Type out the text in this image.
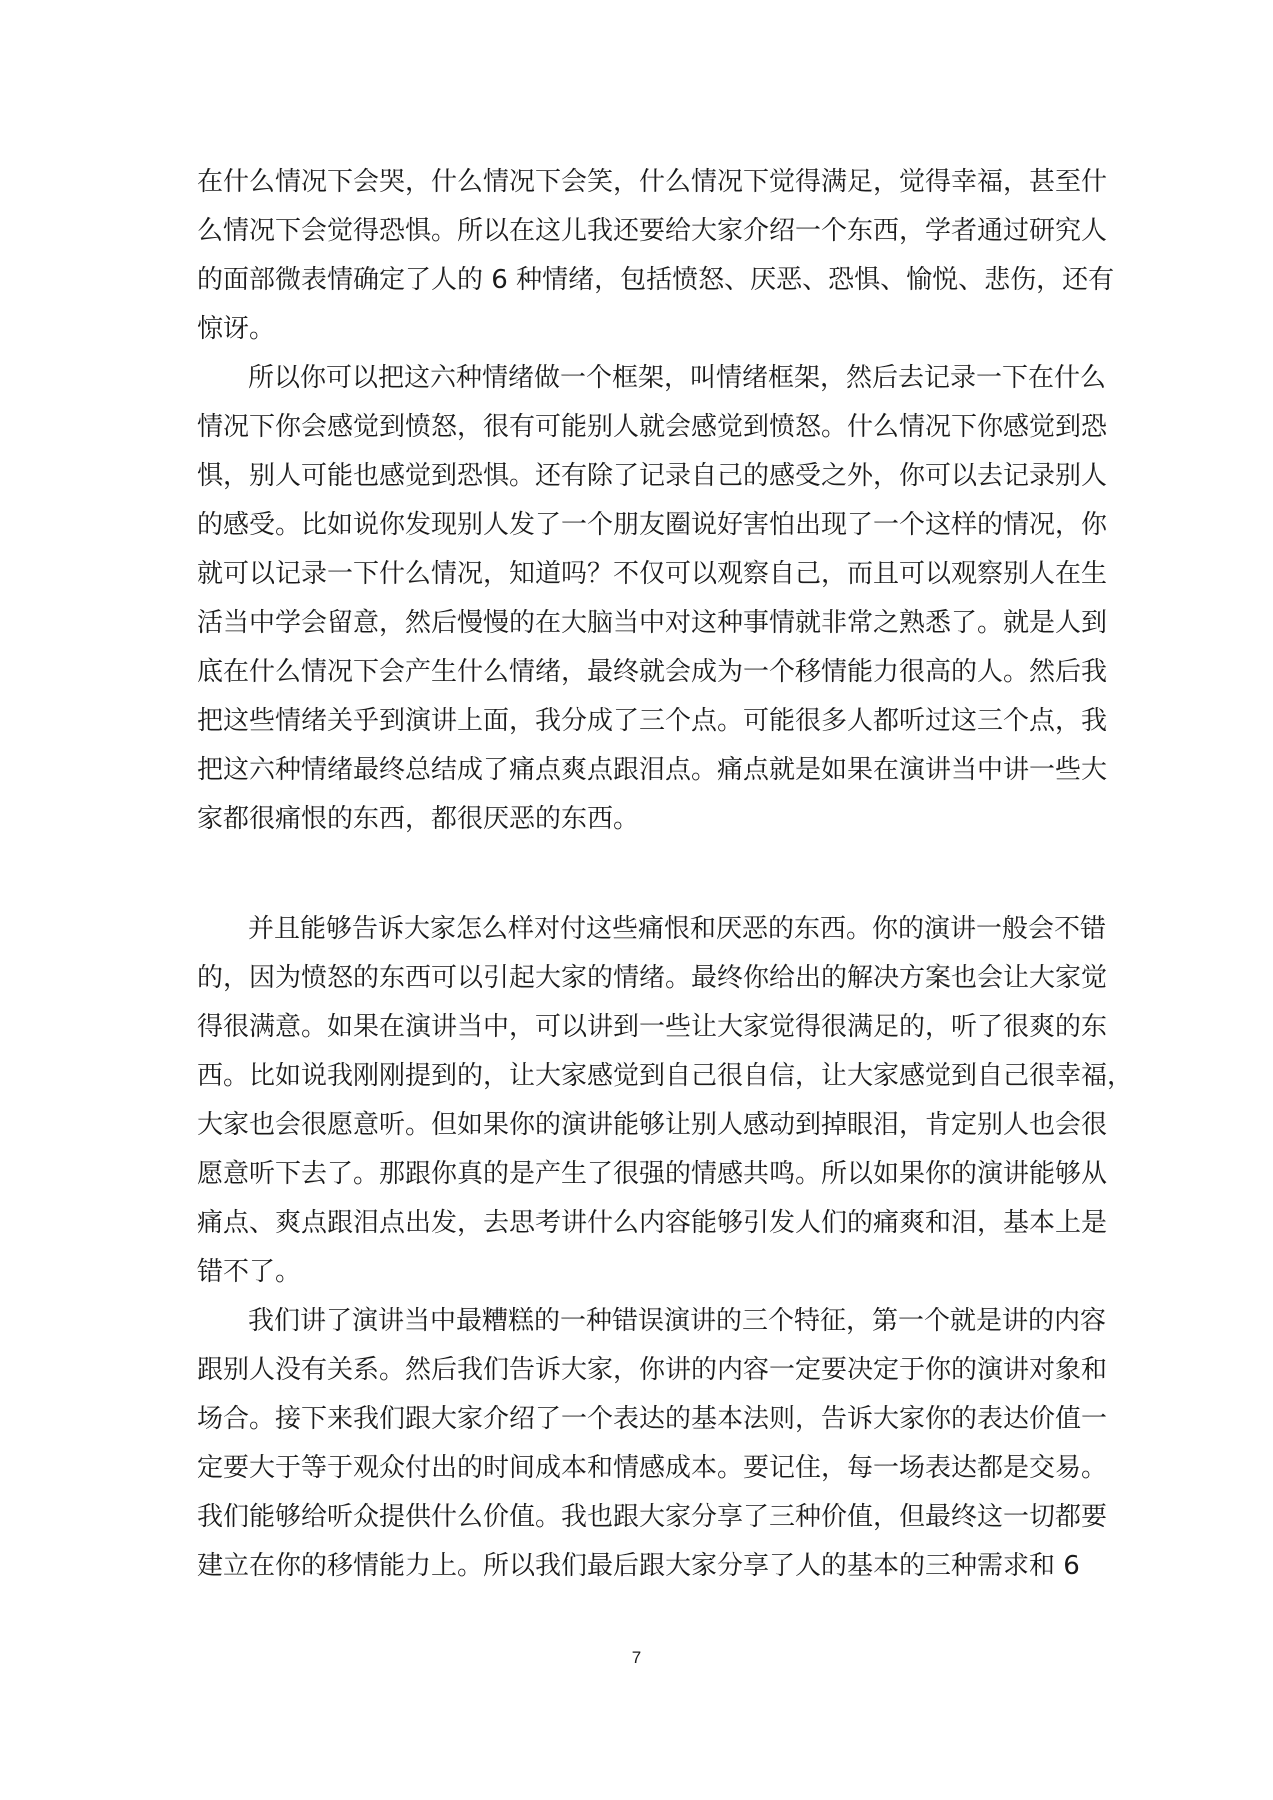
在什么情况下会哭，什么情况下会笑，什么情况下觉得满足，觉得幸福，甚至什
么情况下会觉得恐惧。所以在这儿我还要给大家介绍一个东西，学者通过研究人
的面部微表情确定了人的 6 种情绪，包括愤怒、厌恶、恐惧、愉悦、悲伤，还有
惊讶。
所以你可以把这六种情绪做一个框架，叫情绪框架，然后去记录一下在什么
情况下你会感觉到愤怒，很有可能别人就会感觉到愤怒。什么情况下你感觉到恐
惧，别人可能也感觉到恐惧。还有除了记录自己的感受之外，你可以去记录别人
的感受。比如说你发现别人发了一个朋友圈说好害怕出现了一个这样的情况，你
就可以记录一下什么情况，知道吗？不仅可以观察自己，而且可以观察别人在生
活当中学会留意，然后慢慢的在大脑当中对这种事情就非常之熟悉了。就是人到
底在什么情况下会产生什么情绪，最终就会成为一个移情能力很高的人。然后我
把这些情绪关乎到演讲上面，我分成了三个点。可能很多人都听过这三个点，我
把这六种情绪最终总结成了痛点爽点跟泪点。痛点就是如果在演讲当中讲一些大
家都很痛恨的东西，都很厌恶的东西。
并且能够告诉大家怎么样对付这些痛恨和厌恶的东西。你的演讲一般会不错
的，因为愤怒的东西可以引起大家的情绪。最终你给出的解决方案也会让大家觉
得很满意。如果在演讲当中，可以讲到一些让大家觉得很满足的，听了很爽的东
西。比如说我刚刚提到的，让大家感觉到自己很自信，让大家感觉到自己很幸福，
大家也会很愿意听。但如果你的演讲能够让别人感动到掉眼泪，肯定别人也会很
愿意听下去了。那跟你真的是产生了很强的情感共鸣。所以如果你的演讲能够从
痛点、爽点跟泪点出发，去思考讲什么内容能够引发人们的痛爽和泪，基本上是
错不了。
我们讲了演讲当中最糟糕的一种错误演讲的三个特征，第一个就是讲的内容
跟别人没有关系。然后我们告诉大家，你讲的内容一定要决定于你的演讲对象和
场合。接下来我们跟大家介绍了一个表达的基本法则，告诉大家你的表达价值一
定要大于等于观众付出的时间成本和情感成本。要记住，每一场表达都是交易。
我们能够给听众提供什么价值。我也跟大家分享了三种价值，但最终这一切都要
建立在你的移情能力上。所以我们最后跟大家分享了人的基本的三种需求和 6
7
